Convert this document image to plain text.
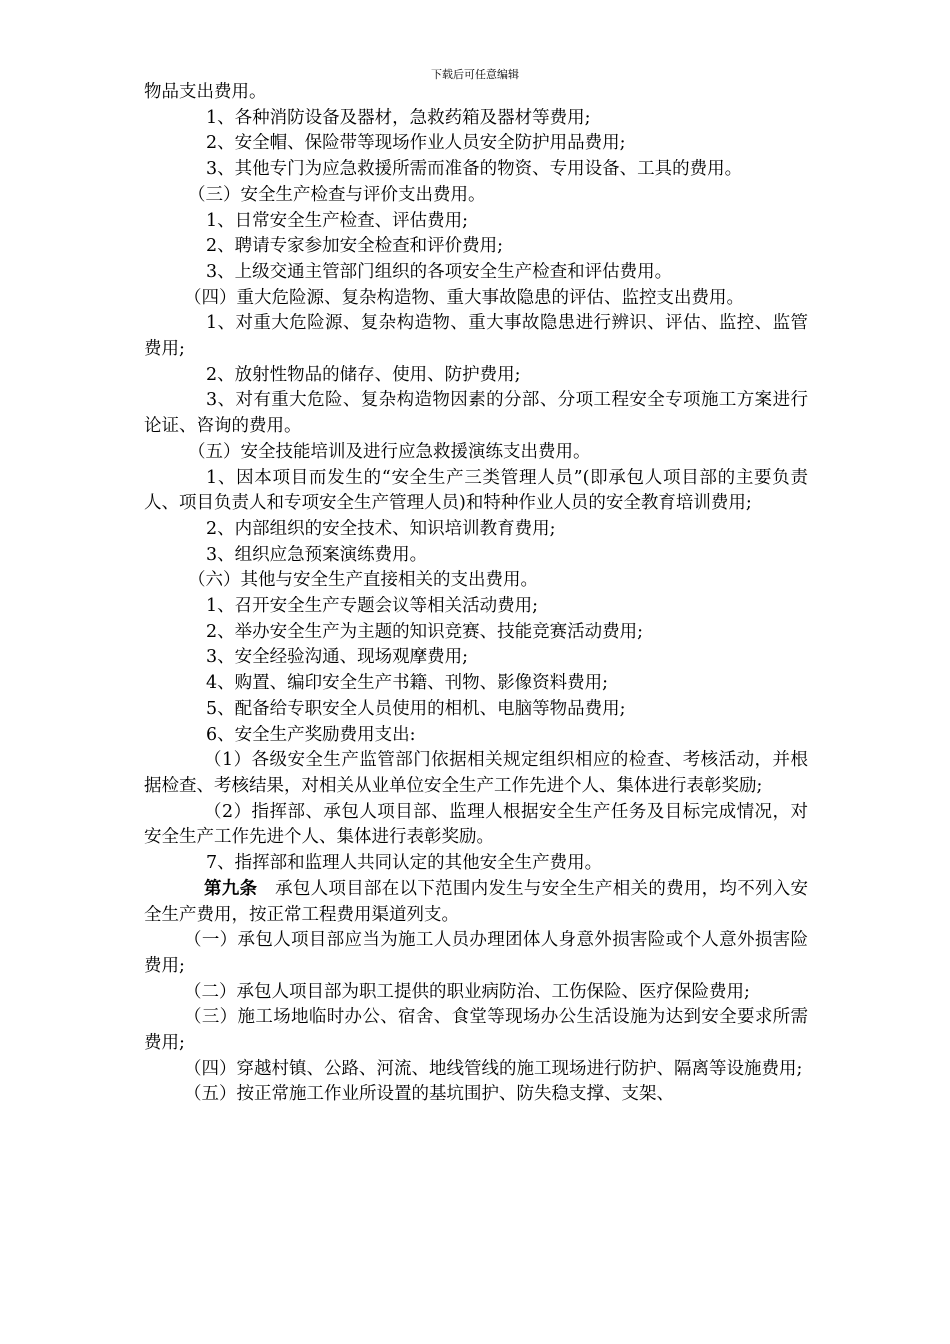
下载后可任意编辑

物品支出费用。

1、各种消防设备及器材，急救药箱及器材等费用;

2、安全帽、保险带等现场作业人员安全防护用品费用;

3、其他专门为应急救援所需而准备的物资、专用设备、工具的费用。

（三）安全生产检查与评价支出费用。

1、日常安全生产检查、评估费用;

2、聘请专家参加安全检查和评价费用;

3、上级交通主管部门组织的各项安全生产检查和评估费用。

（四）重大危险源、复杂构造物、重大事故隐患的评估、监控支出费用。

1、对重大危险源、复杂构造物、重大事故隐患进行辨识、评估、监控、监管费用;

2、放射性物品的储存、使用、防护费用;

3、对有重大危险、复杂构造物因素的分部、分项工程安全专项施工方案进行论证、咨询的费用。

（五）安全技能培训及进行应急救援演练支出费用。

1、因本项目而发生的“安全生产三类管理人员”(即承包人项目部的主要负责人、项目负责人和专项安全生产管理人员)和特种作业人员的安全教育培训费用;

2、内部组织的安全技术、知识培训教育费用;

3、组织应急预案演练费用。

（六）其他与安全生产直接相关的支出费用。

1、召开安全生产专题会议等相关活动费用;

2、举办安全生产为主题的知识竞赛、技能竞赛活动费用;

3、安全经验沟通、现场观摩费用;

4、购置、编印安全生产书籍、刊物、影像资料费用;

5、配备给专职安全人员使用的相机、电脑等物品费用;

6、安全生产奖励费用支出:

（1）各级安全生产监管部门依据相关规定组织相应的检查、考核活动，并根据检查、考核结果，对相关从业单位安全生产工作先进个人、集体进行表彰奖励;

（2）指挥部、承包人项目部、监理人根据安全生产任务及目标完成情况，对安全生产工作先进个人、集体进行表彰奖励。

7、指挥部和监理人共同认定的其他安全生产费用。

第九条　承包人项目部在以下范围内发生与安全生产相关的费用，均不列入安全生产费用，按正常工程费用渠道列支。

（一）承包人项目部应当为施工人员办理团体人身意外损害险或个人意外损害险费用;

（二）承包人项目部为职工提供的职业病防治、工伤保险、医疗保险费用;

（三）施工场地临时办公、宿舍、食堂等现场办公生活设施为达到安全要求所需费用;

（四）穿越村镇、公路、河流、地线管线的施工现场进行防护、隔离等设施费用;

（五）按正常施工作业所设置的基坑围护、防失稳支撑、支架、
